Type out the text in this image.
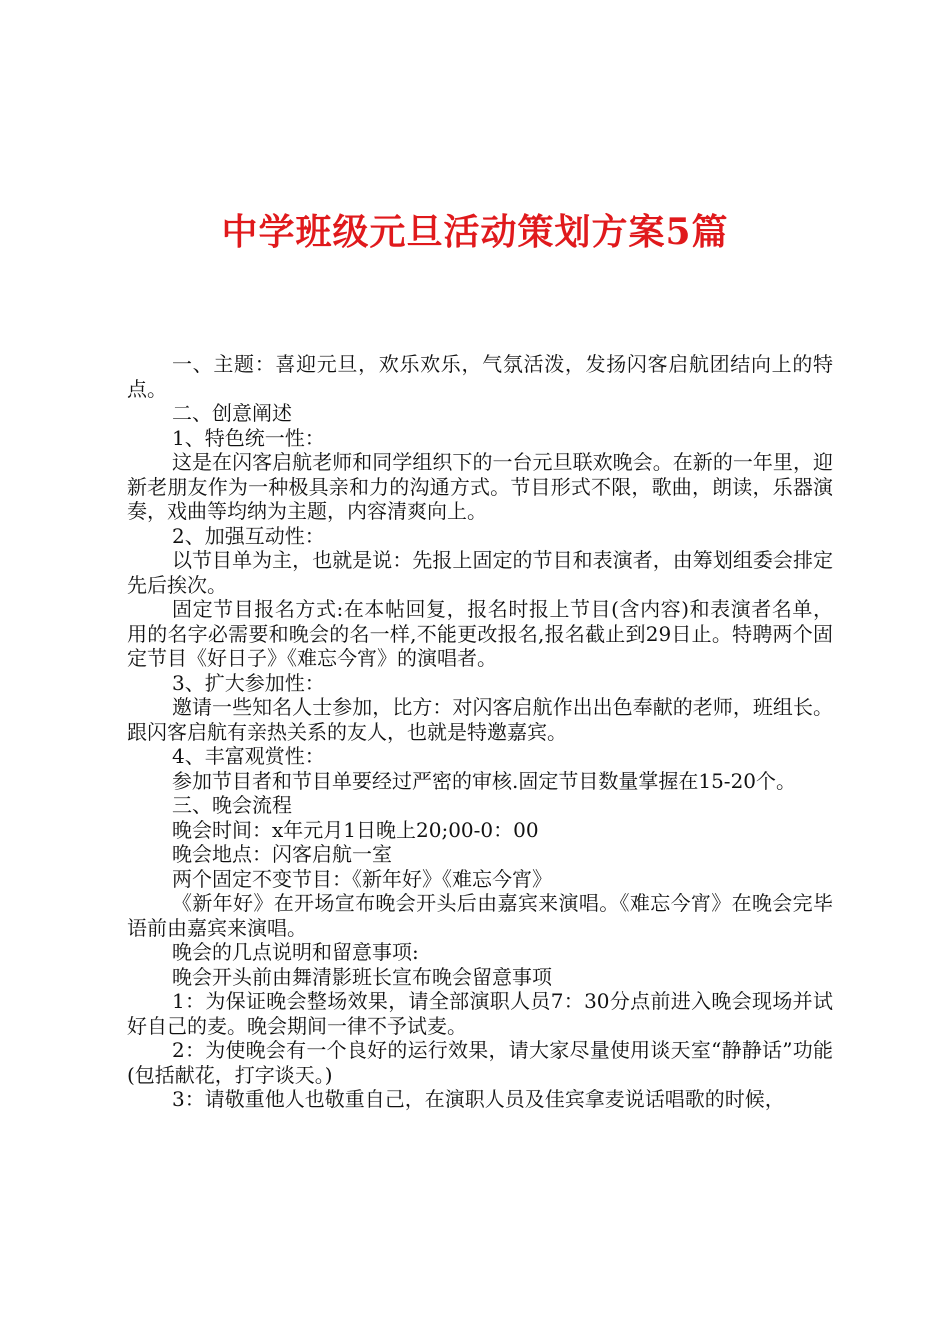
中学班级元旦活动策划方案5篇

一、主题：喜迎元旦，欢乐欢乐，气氛活泼，发扬闪客启航团结向上的特点。

二、创意阐述

1、特色统一性：

这是在闪客启航老师和同学组织下的一台元旦联欢晚会。在新的一年里，迎新老朋友作为一种极具亲和力的沟通方式。节目形式不限，歌曲，朗读，乐器演奏，戏曲等均纳为主题，内容清爽向上。

2、加强互动性：

以节目单为主，也就是说：先报上固定的节目和表演者，由筹划组委会排定先后挨次。

固定节目报名方式:在本帖回复，报名时报上节目(含内容)和表演者名单，用的名字必需要和晚会的名一样,不能更改报名,报名截止到29日止。特聘两个固定节目《好日子》《难忘今宵》的演唱者。

3、扩大参加性：

邀请一些知名人士参加，比方：对闪客启航作出出色奉献的老师，班组长。跟闪客启航有亲热关系的友人，也就是特邀嘉宾。

4、丰富观赏性：

参加节目者和节目单要经过严密的审核.固定节目数量掌握在15-20个。

三、晚会流程

晚会时间：x年元月1日晚上20;00-0：00

晚会地点：闪客启航一室

两个固定不变节目：《新年好》《难忘今宵》

《新年好》在开场宣布晚会开头后由嘉宾来演唱。《难忘今宵》在晚会完毕语前由嘉宾来演唱。

晚会的几点说明和留意事项:

晚会开头前由舞清影班长宣布晚会留意事项

1：为保证晚会整场效果，请全部演职人员7：30分点前进入晚会现场并试好自己的麦。晚会期间一律不予试麦。

2：为使晚会有一个良好的运行效果，请大家尽量使用谈天室“静静话”功能(包括献花，打字谈天。)

3：请敬重他人也敬重自己，在演职人员及佳宾拿麦说话唱歌的时候，
